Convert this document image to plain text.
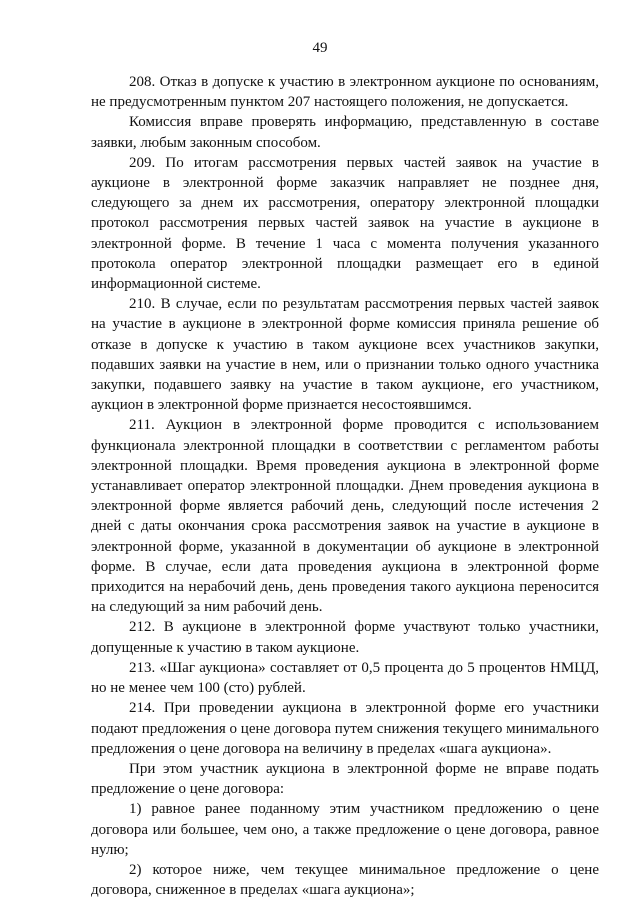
49

208. Отказ в допуске к участию в электронном аукционе по основаниям, не предусмотренным пунктом 207 настоящего положения, не допускается.

Комиссия вправе проверять информацию, представленную в составе заявки, любым законным способом.

209. По итогам рассмотрения первых частей заявок на участие в аукционе в электронной форме заказчик направляет не позднее дня, следующего за днем их рассмотрения, оператору электронной площадки протокол рассмотрения первых частей заявок на участие в аукционе в электронной форме. В течение 1 часа с момента получения указанного протокола оператор электронной площадки размещает его в единой информационной системе.

210. В случае, если по результатам рассмотрения первых частей заявок на участие в аукционе в электронной форме комиссия приняла решение об отказе в допуске к участию в таком аукционе всех участников закупки, подавших заявки на участие в нем, или о признании только одного участника закупки, подавшего заявку на участие в таком аукционе, его участником, аукцион в электронной форме признается несостоявшимся.

211. Аукцион в электронной форме проводится с использованием функционала электронной площадки в соответствии с регламентом работы электронной площадки. Время проведения аукциона в электронной форме устанавливает оператор электронной площадки. Днем проведения аукциона в электронной форме является рабочий день, следующий после истечения 2 дней с даты окончания срока рассмотрения заявок на участие в аукционе в электронной форме, указанной в документации об аукционе в электронной форме. В случае, если дата проведения аукциона в электронной форме приходится на нерабочий день, день проведения такого аукциона переносится на следующий за ним рабочий день.

212. В аукционе в электронной форме участвуют только участники, допущенные к участию в таком аукционе.

213. «Шаг аукциона» составляет от 0,5 процента до 5 процентов НМЦД, но не менее чем 100 (сто) рублей.

214. При проведении аукциона в электронной форме его участники подают предложения о цене договора путем снижения текущего минимального предложения о цене договора на величину в пределах «шага аукциона».

При этом участник аукциона в электронной форме не вправе подать предложение о цене договора:

1) равное ранее поданному этим участником предложению о цене договора или большее, чем оно, а также предложение о цене договора, равное нулю;

2) которое ниже, чем текущее минимальное предложение о цене договора, сниженное в пределах «шага аукциона»;
